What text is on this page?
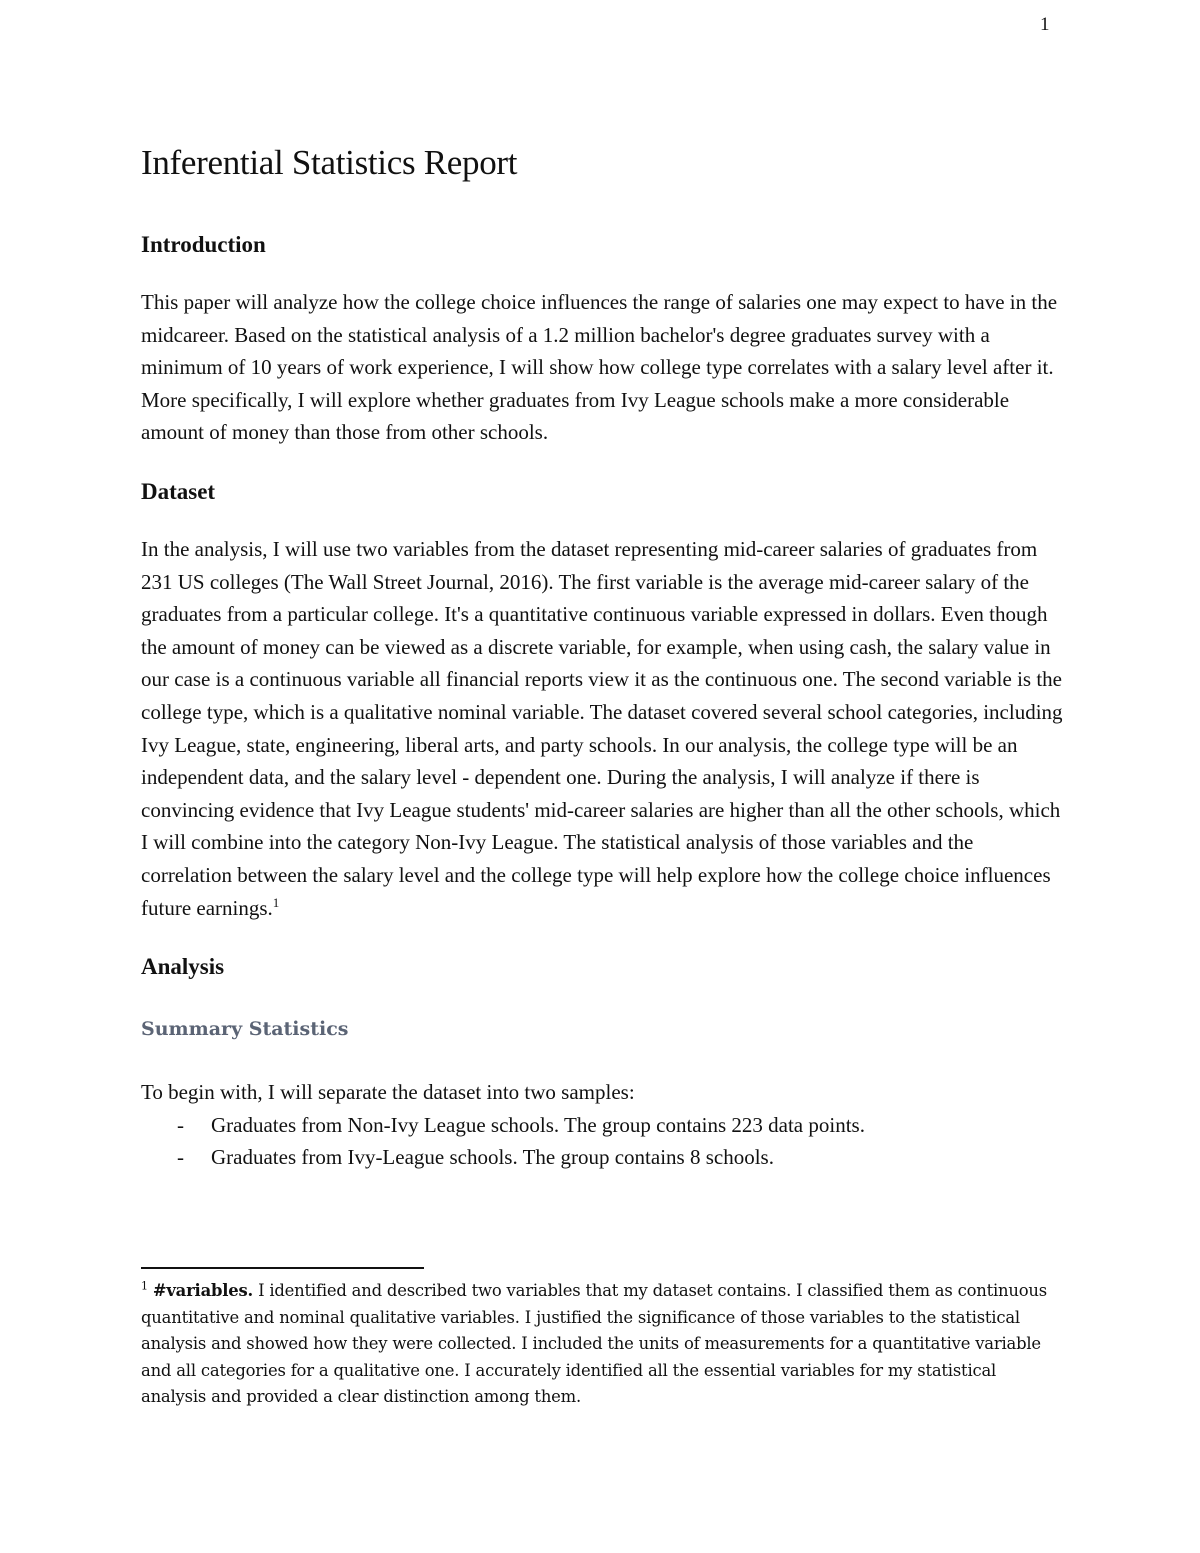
1
Inferential Statistics Report
Introduction

This paper will analyze how the college choice influences the range of salaries one may expect to have in the midcareer. Based on the statistical analysis of a 1.2 million bachelor's degree graduates survey with a minimum of 10 years of work experience, I will show how college type correlates with a salary level after it. More specifically, I will explore whether graduates from Ivy League schools make a more considerable amount of money than those from other schools.

Dataset

In the analysis, I will use two variables from the dataset representing mid-career salaries of graduates from 231 US colleges (The Wall Street Journal, 2016). The first variable is the average mid-career salary of the graduates from a particular college. It's a quantitative continuous variable expressed in dollars. Even though the amount of money can be viewed as a discrete variable, for example, when using cash, the salary value in our case is a continuous variable all financial reports view it as the continuous one. The second variable is the college type, which is a qualitative nominal variable. The dataset covered several school categories, including Ivy League, state, engineering, liberal arts, and party schools. In our analysis, the college type will be an independent data, and the salary level - dependent one. During the analysis, I will analyze if there is convincing evidence that Ivy League students' mid-career salaries are higher than all the other schools, which I will combine into the category Non-Ivy League. The statistical analysis of those variables and the correlation between the salary level and the college type will help explore how the college choice influences future earnings.$^1$

Analysis
Summary Statistics

To begin with, I will separate the dataset into two samples:

- Graduates from Non-Ivy League schools. The group contains 223 data points.
- Graduates from Ivy-League schools. The group contains 8 schools.

$^1$ #variables. I identified and described two variables that my dataset contains. I classified them as continuous quantitative and nominal qualitative variables. I justified the significance of those variables to the statistical analysis and showed how they were collected. I included the units of measurements for a quantitative variable and all categories for a qualitative one. I accurately identified all the essential variables for my statistical analysis and provided a clear distinction among them.
